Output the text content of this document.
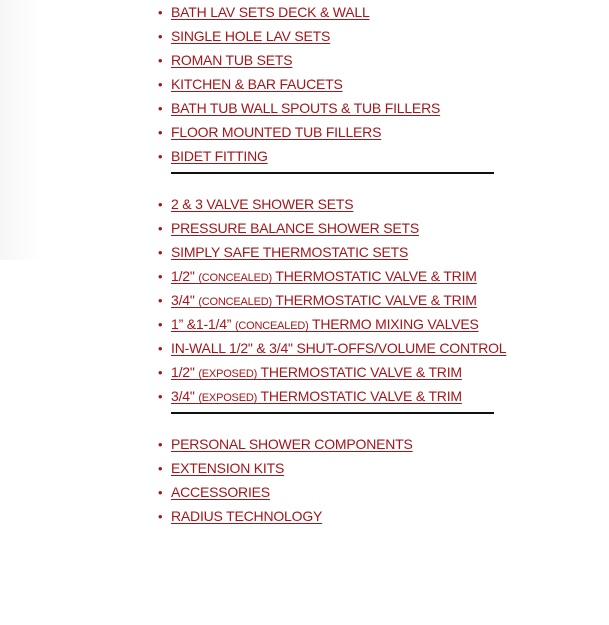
• BATH LAV SETS DECK & WALL
• SINGLE HOLE LAV SETS
• ROMAN TUB SETS
• KITCHEN & BAR FAUCETS
• BATH TUB WALL SPOUTS & TUB FILLERS
• FLOOR MOUNTED TUB FILLERS
• BIDET FITTING
• 2 & 3 VALVE SHOWER SETS
• PRESSURE BALANCE SHOWER SETS
• SIMPLY SAFE THERMOSTATIC SETS
• 1/2" (CONCEALED) THERMOSTATIC VALVE & TRIM
• 3/4" (CONCEALED) THERMOSTATIC VALVE & TRIM
• 1” &1-1/4” (CONCEALED) THERMO MIXING VALVES
• IN-WALL 1/2" & 3/4" SHUT-OFFS/VOLUME CONTROL
• 1/2" (EXPOSED) THERMOSTATIC VALVE & TRIM
• 3/4" (EXPOSED) THERMOSTATIC VALVE & TRIM
• PERSONAL SHOWER COMPONENTS
• EXTENSION KITS
• ACCESSORIES
• RADIUS TECHNOLOGY
